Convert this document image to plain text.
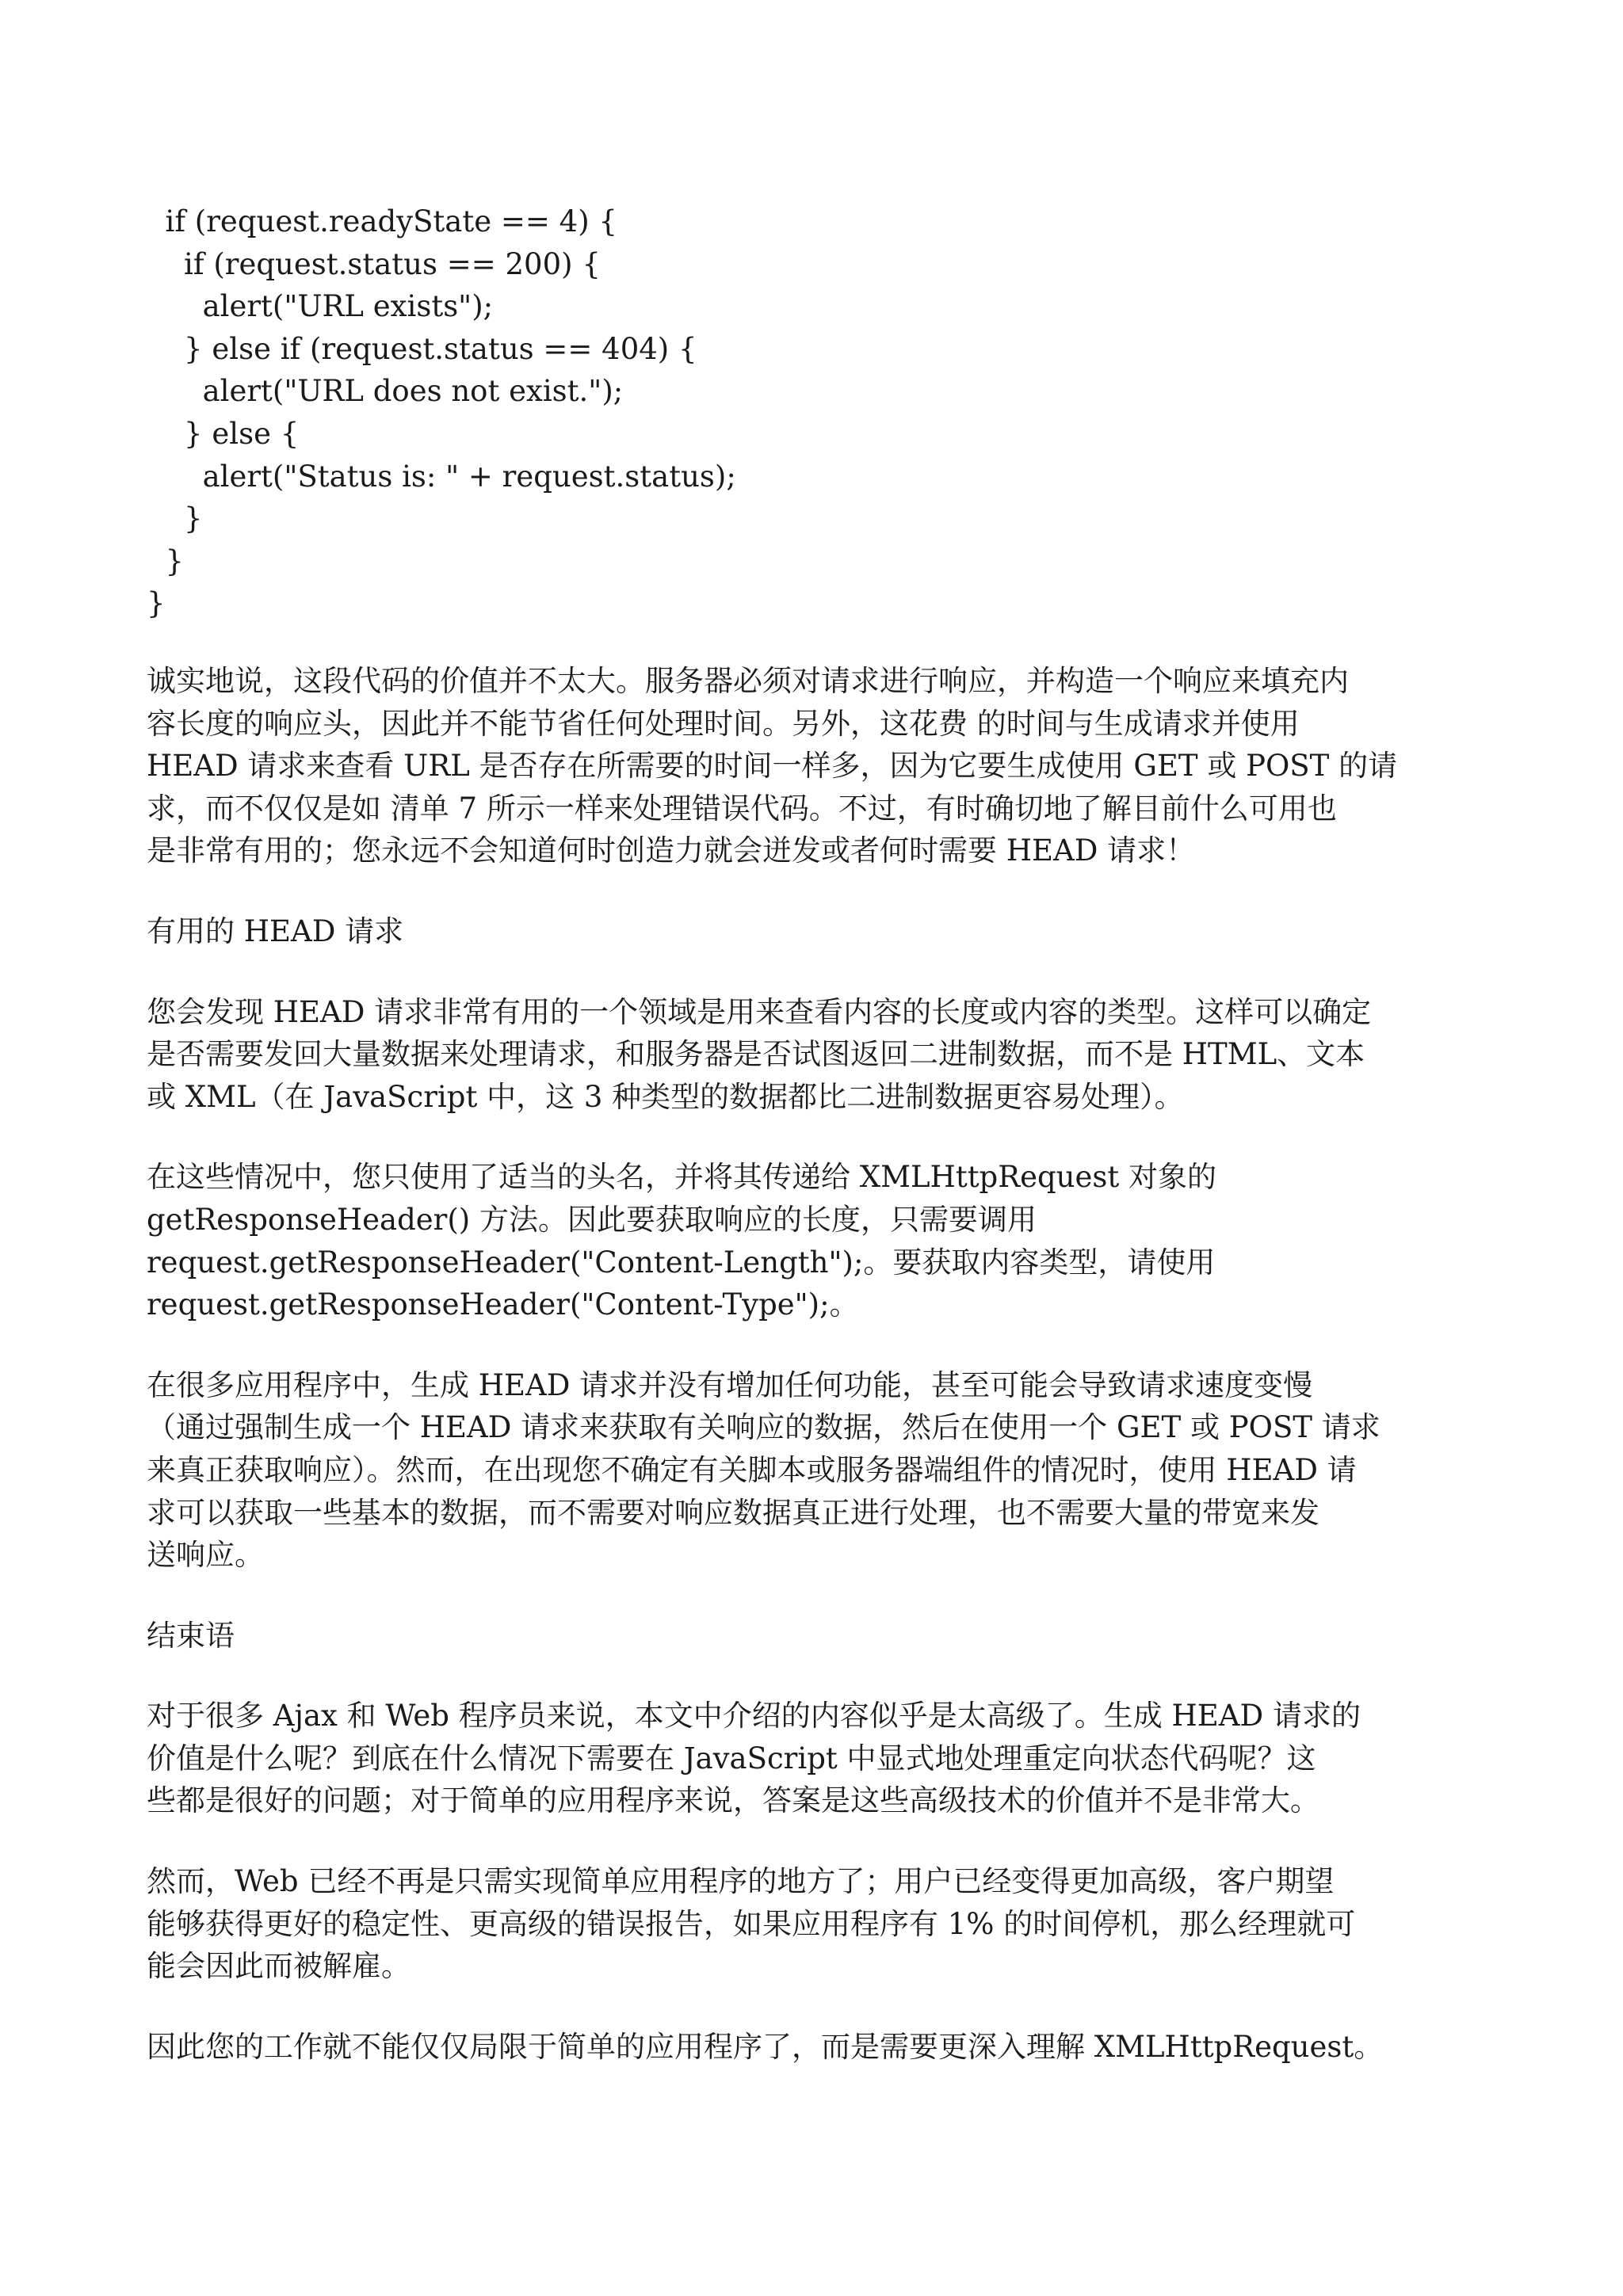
if (request.readyState == 4) {
if (request.status == 200) {
alert("URL exists");
} else if (request.status == 404) {
alert("URL does not exist.");
} else {
alert("Status is: " + request.status);
}
}
}
诚实地说，这段代码的价值并不太大。服务器必须对请求进行响应，并构造一个响应来填充内
容长度的响应头，因此并不能节省任何处理时间。另外，这花费 的时间与生成请求并使用
HEAD 请求来查看 URL 是否存在所需要的时间一样多，因为它要生成使用 GET 或 POST 的请
求，而不仅仅是如 清单 7 所示一样来处理错误代码。不过，有时确切地了解目前什么可用也
是非常有用的；您永远不会知道何时创造力就会迸发或者何时需要 HEAD 请求！
有用的 HEAD 请求
您会发现 HEAD 请求非常有用的一个领域是用来查看内容的长度或内容的类型。这样可以确定
是否需要发回大量数据来处理请求，和服务器是否试图返回二进制数据，而不是 HTML、文本
或 XML（在 JavaScript 中，这 3 种类型的数据都比二进制数据更容易处理）。
在这些情况中，您只使用了适当的头名，并将其传递给 XMLHttpRequest 对象的
getResponseHeader() 方法。因此要获取响应的长度，只需要调用
request.getResponseHeader("Content-Length");。要获取内容类型，请使用
request.getResponseHeader("Content-Type");。
在很多应用程序中，生成 HEAD 请求并没有增加任何功能，甚至可能会导致请求速度变慢
（通过强制生成一个 HEAD 请求来获取有关响应的数据，然后在使用一个 GET 或 POST 请求
来真正获取响应）。然而，在出现您不确定有关脚本或服务器端组件的情况时，使用 HEAD 请
求可以获取一些基本的数据，而不需要对响应数据真正进行处理，也不需要大量的带宽来发
送响应。
结束语
对于很多 Ajax 和 Web 程序员来说，本文中介绍的内容似乎是太高级了。生成 HEAD 请求的
价值是什么呢？到底在什么情况下需要在 JavaScript 中显式地处理重定向状态代码呢？这
些都是很好的问题；对于简单的应用程序来说，答案是这些高级技术的价值并不是非常大。
然而，Web 已经不再是只需实现简单应用程序的地方了；用户已经变得更加高级，客户期望
能够获得更好的稳定性、更高级的错误报告，如果应用程序有 1% 的时间停机，那么经理就可
能会因此而被解雇。
因此您的工作就不能仅仅局限于简单的应用程序了，而是需要更深入理解 XMLHttpRequest。
